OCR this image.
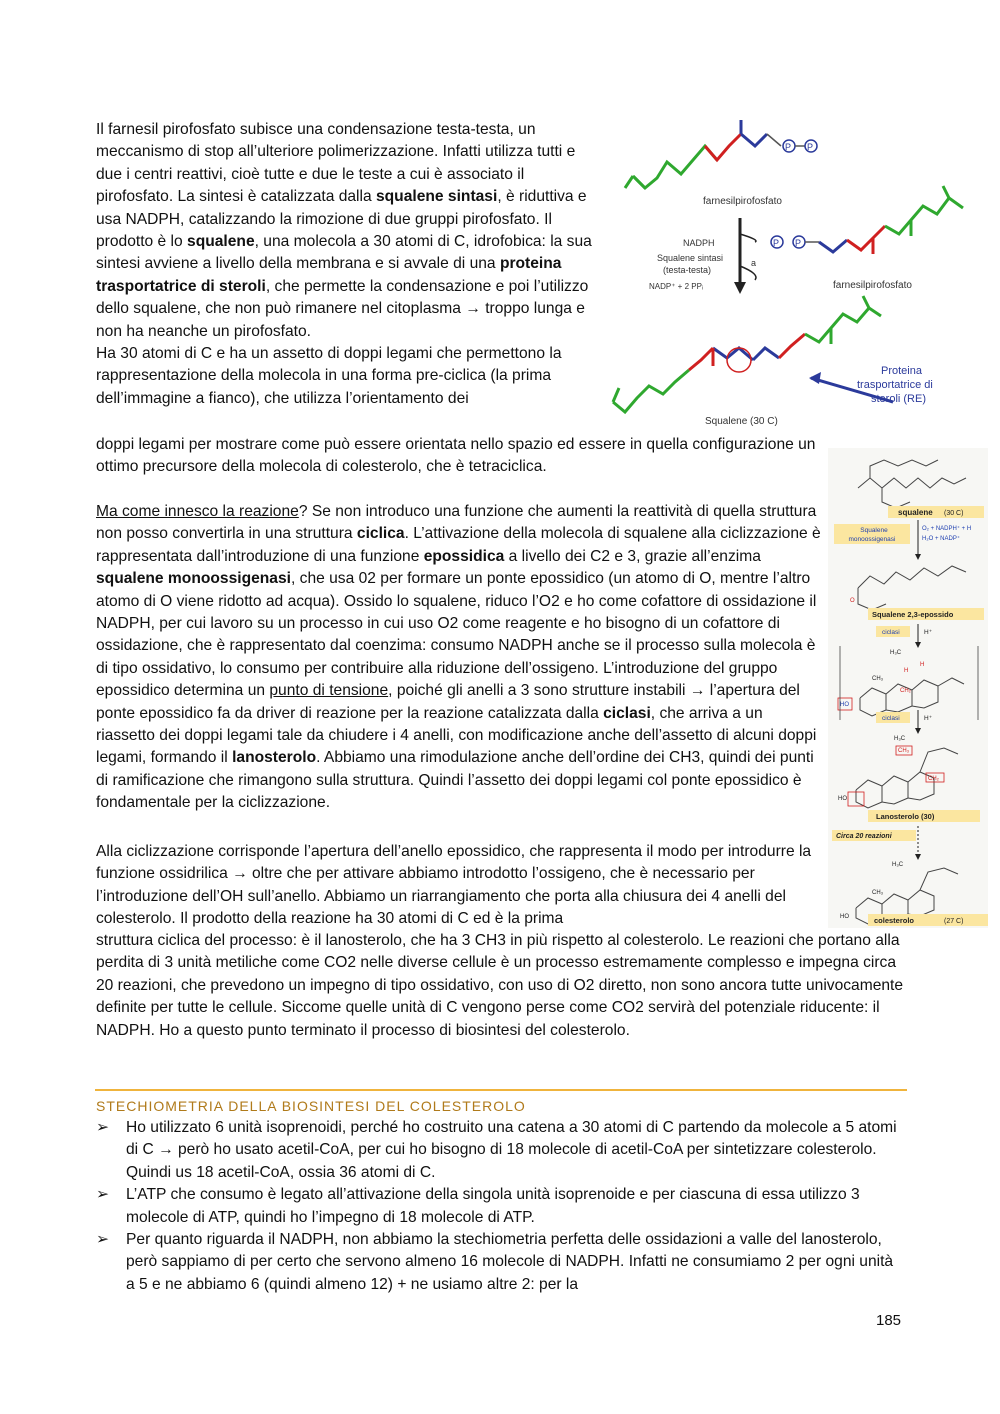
Il farnesil pirofosfato subisce una condensazione testa-testa, un meccanismo di stop all’ulteriore polimerizzazione. Infatti utilizza tutti e due i centri reattivi, cioè tutte e due le teste a cui è associato il pirofosfato. La sintesi è catalizzata dalla squalene sintasi, è riduttiva e usa NADPH, catalizzando la rimozione di due gruppi pirofosfato. Il prodotto è lo squalene, una molecola a 30 atomi di C, idrofobica: la sua sintesi avviene a livello della membrana e si avvale di una proteina trasportatrice di steroli, che permette la condensazione e poi l’utilizzo dello squalene, che non può rimanere nel citoplasma → troppo lunga e non ha neanche un pirofosfato.
Ha 30 atomi di C e ha un assetto di doppi legami che permettono la rappresentazione della molecola in una forma pre-ciclica (la prima dell’immagine a fianco), che utilizza l’orientamento dei
P P
farnesilpirofosfato
NADPH
Squalene sintasi
(testa-testa)
NADP⁺ + 2 PPᵢ
a
P P
farnesilpirofosfato
Squalene (30 C)
Proteina
trasportatrice di
steroli (RE)
doppi legami per mostrare come può essere orientata nello spazio ed essere in quella configurazione un ottimo precursore della molecola di colesterolo, che è tetraciclica.
Ma come innesco la reazione? Se non introduco una funzione che aumenti la reattività di quella struttura non posso convertirla in una struttura ciclica. L’attivazione della molecola di squalene alla ciclizzazione è rappresentata dall’introduzione di una funzione epossidica a livello dei C2 e 3, grazie all’enzima squalene monoossigenasi, che usa 02 per formare un ponte epossidico (un atomo di O, mentre l’altro atomo di O viene ridotto ad acqua). Ossido lo squalene, riduco l’O2 e ho come cofattore di ossidazione il NADPH, per cui lavoro su un processo in cui uso O2 come reagente e ho bisogno di un cofattore di ossidazione, che è rappresentato dal coenzima: consumo NADPH anche se il processo sulla molecola è di tipo ossidativo, lo consumo per contribuire alla riduzione dell’ossigeno. L’introduzione del gruppo epossidico determina un punto di tensione, poiché gli anelli a 3 sono strutture instabili → l’apertura del ponte epossidico fa da driver di reazione per la reazione catalizzata dalla ciclasi, che arriva a un riassetto dei doppi legami tale da chiudere i 4 anelli, con modificazione anche dell’assetto di alcuni doppi legami, formando il lanosterolo. Abbiamo una rimodulazione anche dell’ordine dei CH3, quindi dei punti di ramificazione che rimangono sulla struttura. Quindi l’assetto dei doppi legami col ponte epossidico è fondamentale per la ciclizzazione.
squalene (30 C)
Squalene
monoossigenasi
O₂ + NADPH⁺ + H
H₂O + NADP⁺
O
Squalene 2,3-epossido
ciclasi	H⁺
H₃C
H
H
CH₃
CH₂
HO
ciclasi	H⁺
H₃C
CH₃
CH₂
HO
Lanosterolo (30)
Circa 20 reazioni
H₃C
CH₃
HO	colesterolo	(27 C)
Alla ciclizzazione corrisponde l’apertura dell’anello epossidico, che rappresenta il modo per introdurre la funzione ossidrilica → oltre che per attivare abbiamo introdotto l’ossigeno, che è necessario per l’introduzione dell’OH sull’anello. Abbiamo un riarrangiamento che porta alla chiusura dei 4 anelli del colesterolo. Il prodotto della reazione ha 30 atomi di C ed è la prima
struttura ciclica del processo: è il lanosterolo, che ha 3 CH3 in più rispetto al colesterolo. Le reazioni che portano alla perdita di 3 unità metiliche come CO2 nelle diverse cellule è un processo estremamente complesso e impegna circa 20 reazioni, che prevedono un impegno di tipo ossidativo, con uso di O2 diretto, non sono ancora tutte univocamente definite per tutte le cellule. Siccome quelle unità di C vengono perse come CO2 servirà del potenziale riducente: il NADPH. Ho a questo punto terminato il processo di biosintesi del colesterolo.
STECHIOMETRIA DELLA BIOSINTESI DEL COLESTEROLO
➢ Ho utilizzato 6 unità isoprenoidi, perché ho costruito una catena a 30 atomi di C partendo da molecole a 5 atomi di C → però ho usato acetil-CoA, per cui ho bisogno di 18 molecole di acetil-CoA per sintetizzare colesterolo. Quindi us 18 acetil-CoA, ossia 36 atomi di C.
➢ L’ATP che consumo è legato all’attivazione della singola unità isoprenoide e per ciascuna di essa utilizzo 3 molecole di ATP, quindi ho l’impegno di 18 molecole di ATP.
➢ Per quanto riguarda il NADPH, non abbiamo la stechiometria perfetta delle ossidazioni a valle del lanosterolo, però sappiamo di per certo che servono almeno 16 molecole di NADPH. Infatti ne consumiamo 2 per ogni unità a 5 e ne abbiamo 6 (quindi almeno 12) + ne usiamo altre 2: per la
185
